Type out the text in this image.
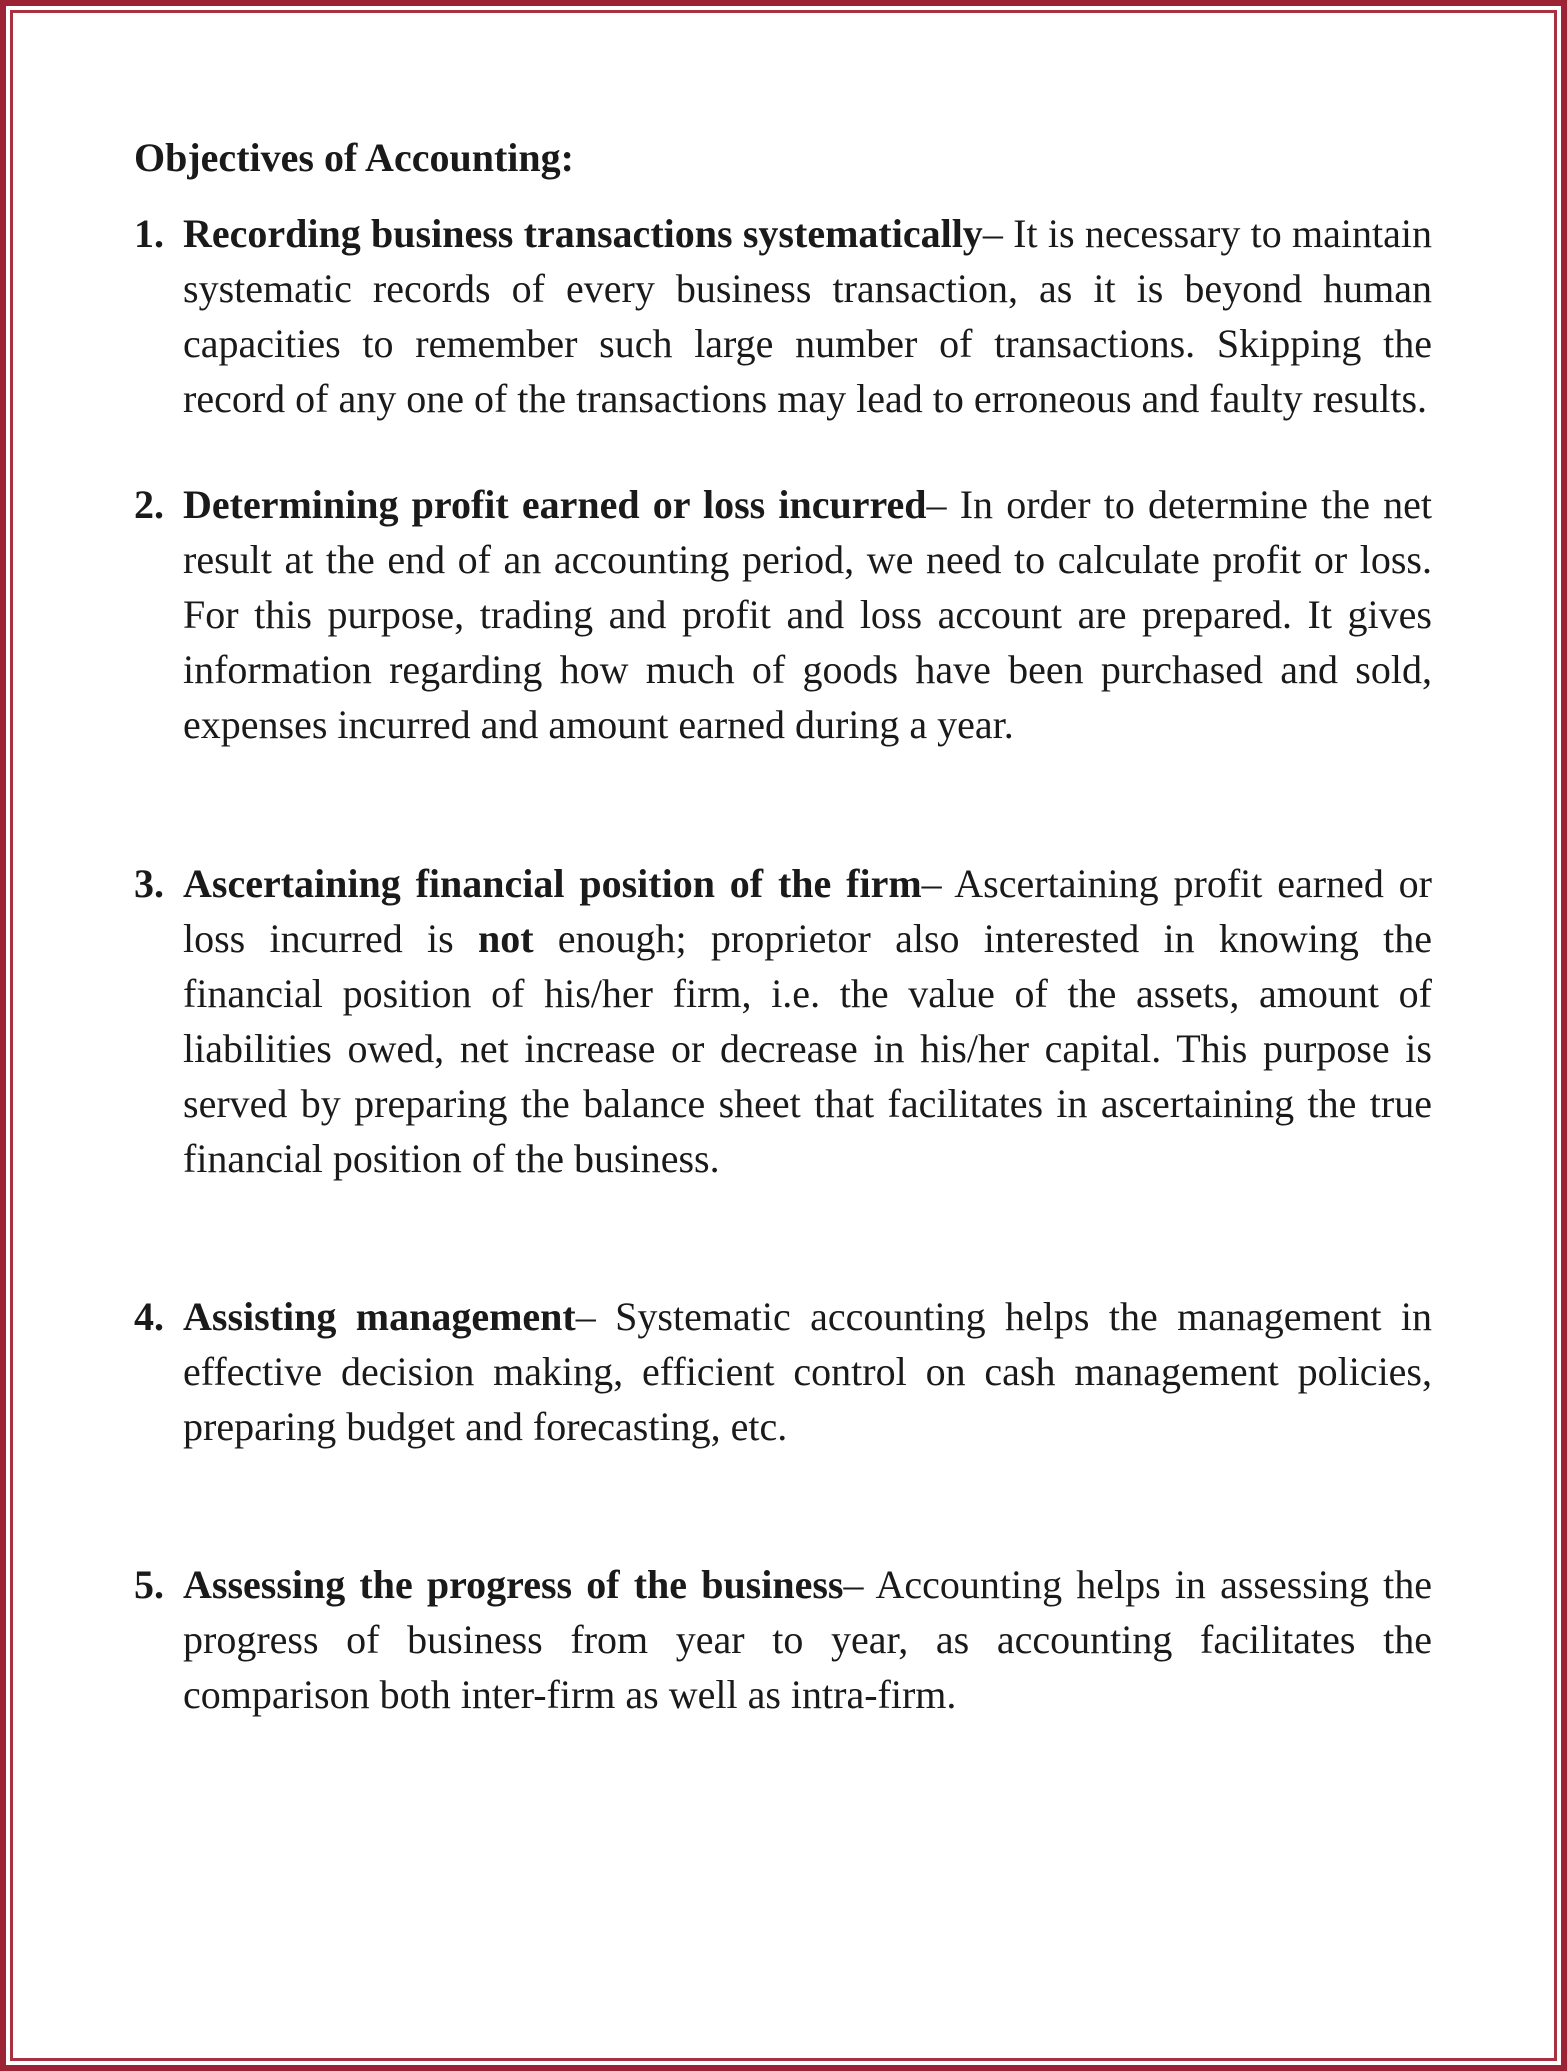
Objectives of Accounting:
1. Recording business transactions systematically– It is necessary to maintain systematic records of every business transaction, as it is beyond human capacities to remember such large number of transactions. Skipping the record of any one of the transactions may lead to erroneous and faulty results.
2. Determining profit earned or loss incurred– In order to determine the net result at the end of an accounting period, we need to calculate profit or loss. For this purpose, trading and profit and loss account are prepared. It gives information regarding how much of goods have been purchased and sold, expenses incurred and amount earned during a year.
3. Ascertaining financial position of the firm– Ascertaining profit earned or loss incurred is not enough; proprietor also interested in knowing the financial position of his/her firm, i.e. the value of the assets, amount of liabilities owed, net increase or decrease in his/her capital. This purpose is served by preparing the balance sheet that facilitates in ascertaining the true financial position of the business.
4. Assisting management– Systematic accounting helps the management in effective decision making, efficient control on cash management policies, preparing budget and forecasting, etc.
5. Assessing the progress of the business– Accounting helps in assessing the progress of business from year to year, as accounting facilitates the comparison both inter-firm as well as intra-firm.
